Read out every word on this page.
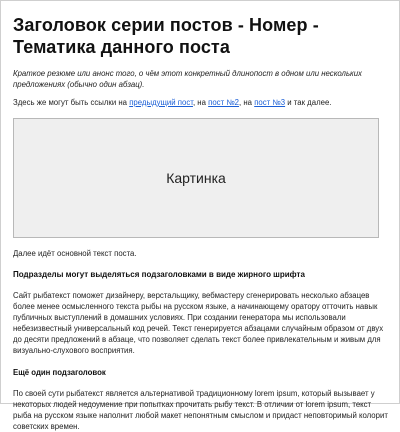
Заголовок серии постов - Номер - Тематика данного поста

Краткое резюме или анонс того, о чём этот конкретный длинопост в одном или нескольких предложениях (обычно один абзац).

Здесь же могут быть ссылки на предыдущий пост, на пост №2, на пост №3 и так далее.

Картинка

Далее идёт основной текст поста.

Подразделы могут выделяться подзаголовками в виде жирного шрифта

Сайт рыбатекст поможет дизайнеру, верстальщику, вебмастеру сгенерировать несколько абзацев более менее осмысленного текста рыбы на русском языке, а начинающему оратору отточить навык публичных выступлений в домашних условиях. При создании генератора мы использовали небезизвестный универсальный код речей. Текст генерируется абзацами случайным образом от двух до десяти предложений в абзаце, что позволяет сделать текст более привлекательным и живым для визуально-слухового восприятия.

Ещё один подзаголовок

По своей сути рыбатекст является альтернативой традиционному lorem ipsum, который вызывает у некоторых людей недоумение при попытках прочитать рыбу текст. В отличии от lorem ipsum, текст рыба на русском языке наполнит любой макет непонятным смыслом и придаст неповторимый колорит советских времен.
